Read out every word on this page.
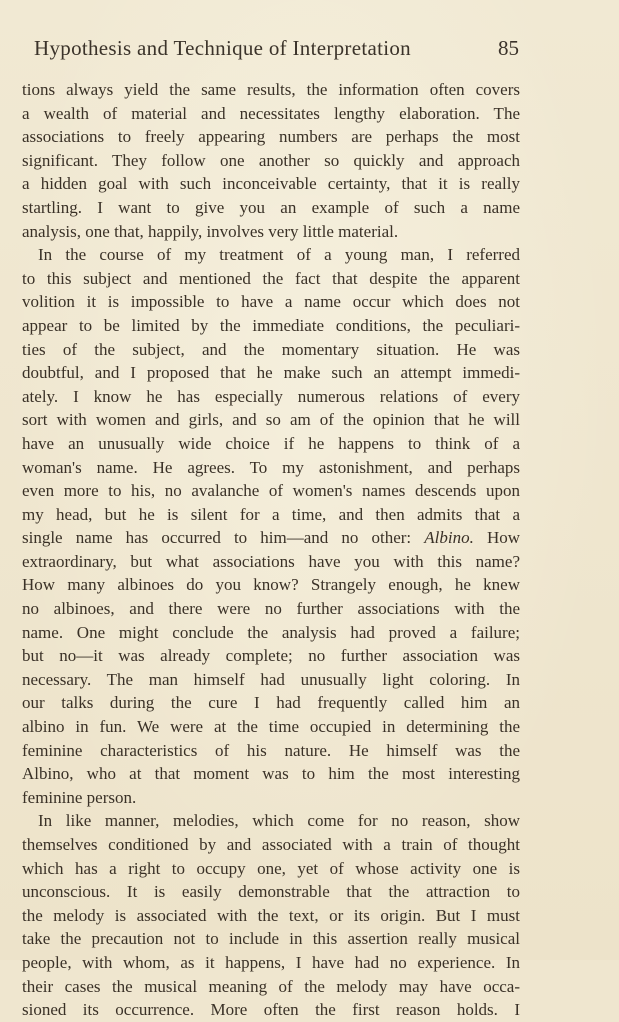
Hypothesis and Technique of Interpretation	85
tions always yield the same results, the information often covers
a wealth of material and necessitates lengthy elaboration. The
associations to freely appearing numbers are perhaps the most
significant. They follow one another so quickly and approach
a hidden goal with such inconceivable certainty, that it is really
startling. I want to give you an example of such a name
analysis, one that, happily, involves very little material.
In the course of my treatment of a young man, I referred
to this subject and mentioned the fact that despite the apparent
volition it is impossible to have a name occur which does not
appear to be limited by the immediate conditions, the peculiari-
ties of the subject, and the momentary situation. He was
doubtful, and I proposed that he make such an attempt immedi-
ately. I know he has especially numerous relations of every
sort with women and girls, and so am of the opinion that he will
have an unusually wide choice if he happens to think of a
woman's name. He agrees. To my astonishment, and perhaps
even more to his, no avalanche of women's names descends upon
my head, but he is silent for a time, and then admits that a
single name has occurred to him—and no other: Albino. How
extraordinary, but what associations have you with this name?
How many albinoes do you know? Strangely enough, he knew
no albinoes, and there were no further associations with the
name. One might conclude the analysis had proved a failure;
but no—it was already complete; no further association was
necessary. The man himself had unusually light coloring. In
our talks during the cure I had frequently called him an
albino in fun. We were at the time occupied in determining the
feminine characteristics of his nature. He himself was the
Albino, who at that moment was to him the most interesting
feminine person.
In like manner, melodies, which come for no reason, show
themselves conditioned by and associated with a train of thought
which has a right to occupy one, yet of whose activity one is
unconscious. It is easily demonstrable that the attraction to
the melody is associated with the text, or its origin. But I must
take the precaution not to include in this assertion really musical
people, with whom, as it happens, I have had no experience. In
their cases the musical meaning of the melody may have occa-
sioned its occurrence. More often the first reason holds. I
